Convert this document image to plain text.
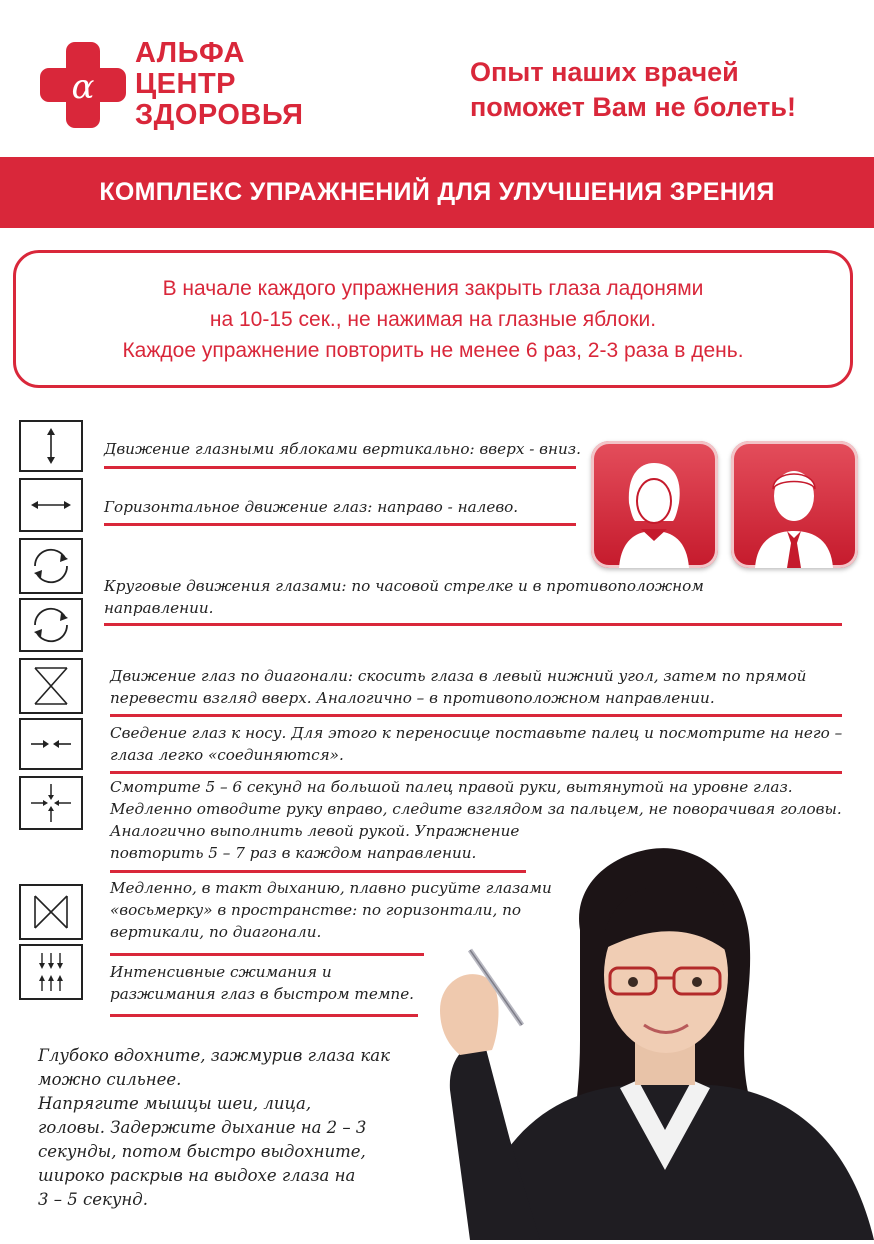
α
АЛЬФА
ЦЕНТР
ЗДОРОВЬЯ
Опыт наших врачей
поможет Вам не болеть!
КОМПЛЕКС УПРАЖНЕНИЙ ДЛЯ УЛУЧШЕНИЯ ЗРЕНИЯ
В начале каждого упражнения закрыть глаза ладонями
на 10-15 сек., не нажимая на глазные яблоки.
Каждое упражнение повторить не менее 6 раз, 2-3 раза в день.
Движение глазными яблоками вертикально: вверх - вниз.
Горизонтальное движение глаз: направо - налево.
Круговые движения глазами: по часовой стрелке и в противоположном
направлении.
Движение глаз по диагонали: скосить глаза в левый нижний угол, затем по прямой
перевести взгляд вверх. Аналогично – в противоположном направлении.
Сведение глаз к носу. Для этого к переносице поставьте палец и посмотрите на него –
глаза легко «соединяются».
Смотрите 5 – 6 секунд на большой палец правой руки, вытянутой на уровне глаз.
Медленно отводите руку вправо, следите взглядом за пальцем, не поворачивая головы.
Аналогично выполнить левой рукой. Упражнение
повторить 5 – 7 раз в каждом направлении.
Медленно, в такт дыханию, плавно рисуйте глазами
«восьмерку» в пространстве: по горизонтали, по
вертикали, по диагонали.
Интенсивные сжимания и
разжимания глаз в быстром темпе.
Глубоко вдохните, зажмурив глаза как
можно сильнее.
Напрягите мышцы шеи, лица,
головы. Задержите дыхание на 2 – 3
секунды, потом быстро выдохните,
широко раскрыв на выдохе глаза на
3 – 5 секунд.
